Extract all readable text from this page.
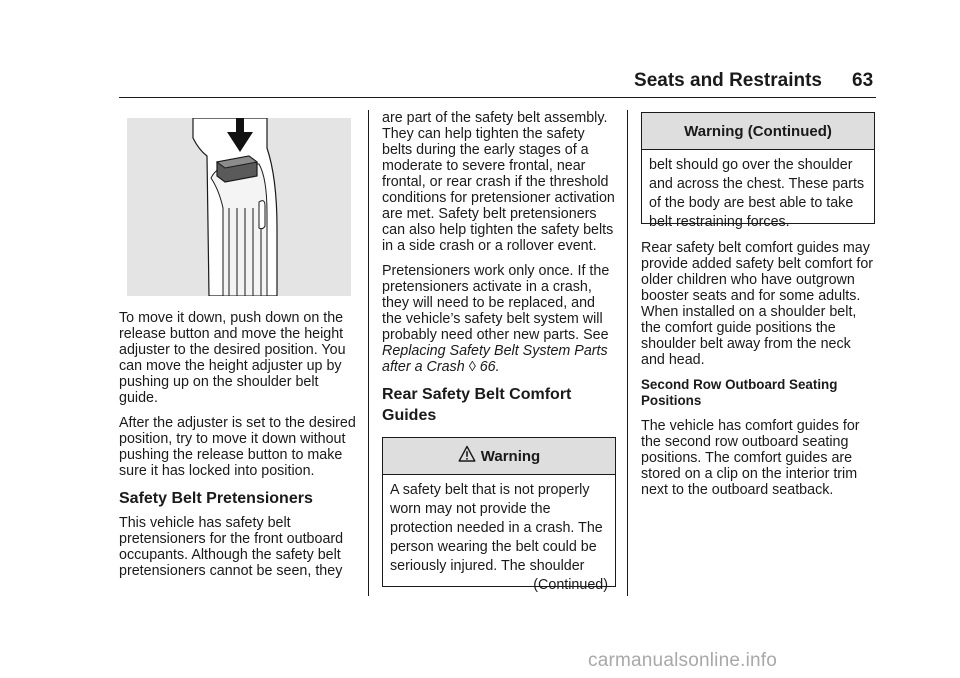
Seats and Restraints 63

To move it down, push down on the release button and move the height adjuster to the desired position. You can move the height adjuster up by pushing up on the shoulder belt guide.

After the adjuster is set to the desired position, try to move it down without pushing the release button to make sure it has locked into position.

Safety Belt Pretensioners

This vehicle has safety belt pretensioners for the front outboard occupants. Although the safety belt pretensioners cannot be seen, they

are part of the safety belt assembly. They can help tighten the safety belts during the early stages of a moderate to severe frontal, near frontal, or rear crash if the threshold conditions for pretensioner activation are met. Safety belt pretensioners can also help tighten the safety belts in a side crash or a rollover event.

Pretensioners work only once. If the pretensioners activate in a crash, they will need to be replaced, and the vehicle’s safety belt system will probably need other new parts. See Replacing Safety Belt System Parts after a Crash ◊ 66.

Rear Safety Belt Comfort Guides
Warning
A safety belt that is not properly worn may not provide the protection needed in a crash. The person wearing the belt could be seriously injured. The shoulder
(Continued)
Warning (Continued)
belt should go over the shoulder and across the chest. These parts of the body are best able to take belt restraining forces.

Rear safety belt comfort guides may provide added safety belt comfort for older children who have outgrown booster seats and for some adults. When installed on a shoulder belt, the comfort guide positions the shoulder belt away from the neck and head.

Second Row Outboard Seating Positions

The vehicle has comfort guides for the second row outboard seating positions. The comfort guides are stored on a clip on the interior trim next to the outboard seatback.

carmanualsonline.info
